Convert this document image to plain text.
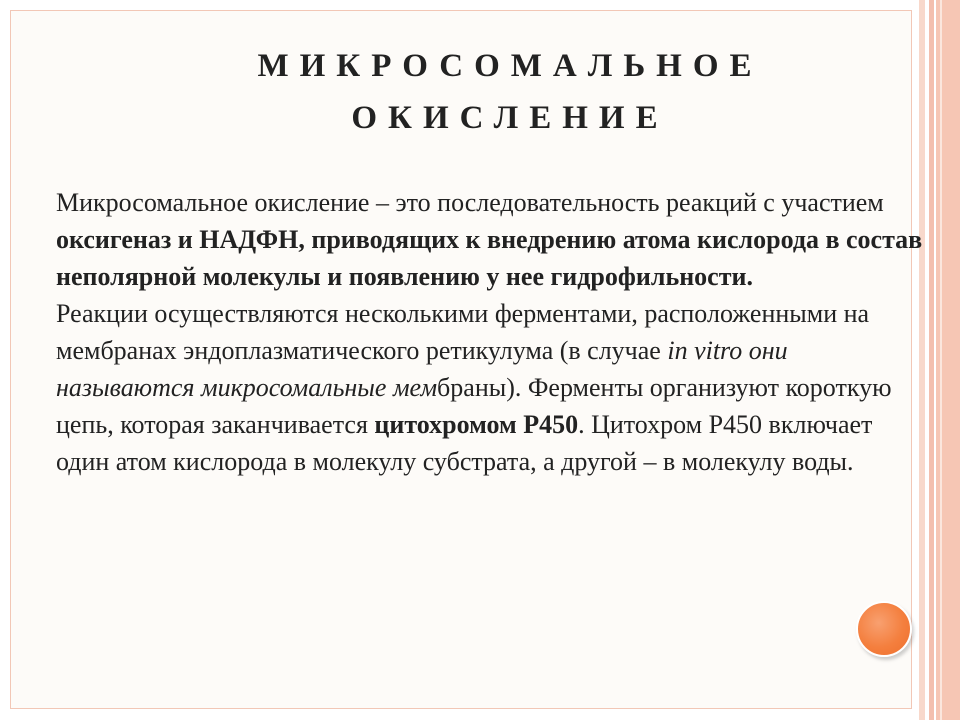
МИКРОСОМАЛЬНОЕ
ОКИСЛЕНИЕ

Микросомальное окисление – это последовательность реакций с участием оксигеназ и НАДФН, приводящих к внедрению атома кислорода в состав неполярной молекулы и появлению у нее гидрофильности.

Реакции осуществляются несколькими ферментами, расположенными на мембранах эндоплазматического ретикулума (в случае in vitro они называются микросомальные мембраны). Ферменты организуют короткую цепь, которая заканчивается цитохромом Р450. Цитохром Р450 включает один атом кислорода в молекулу субстрата, а другой – в молекулу воды.
